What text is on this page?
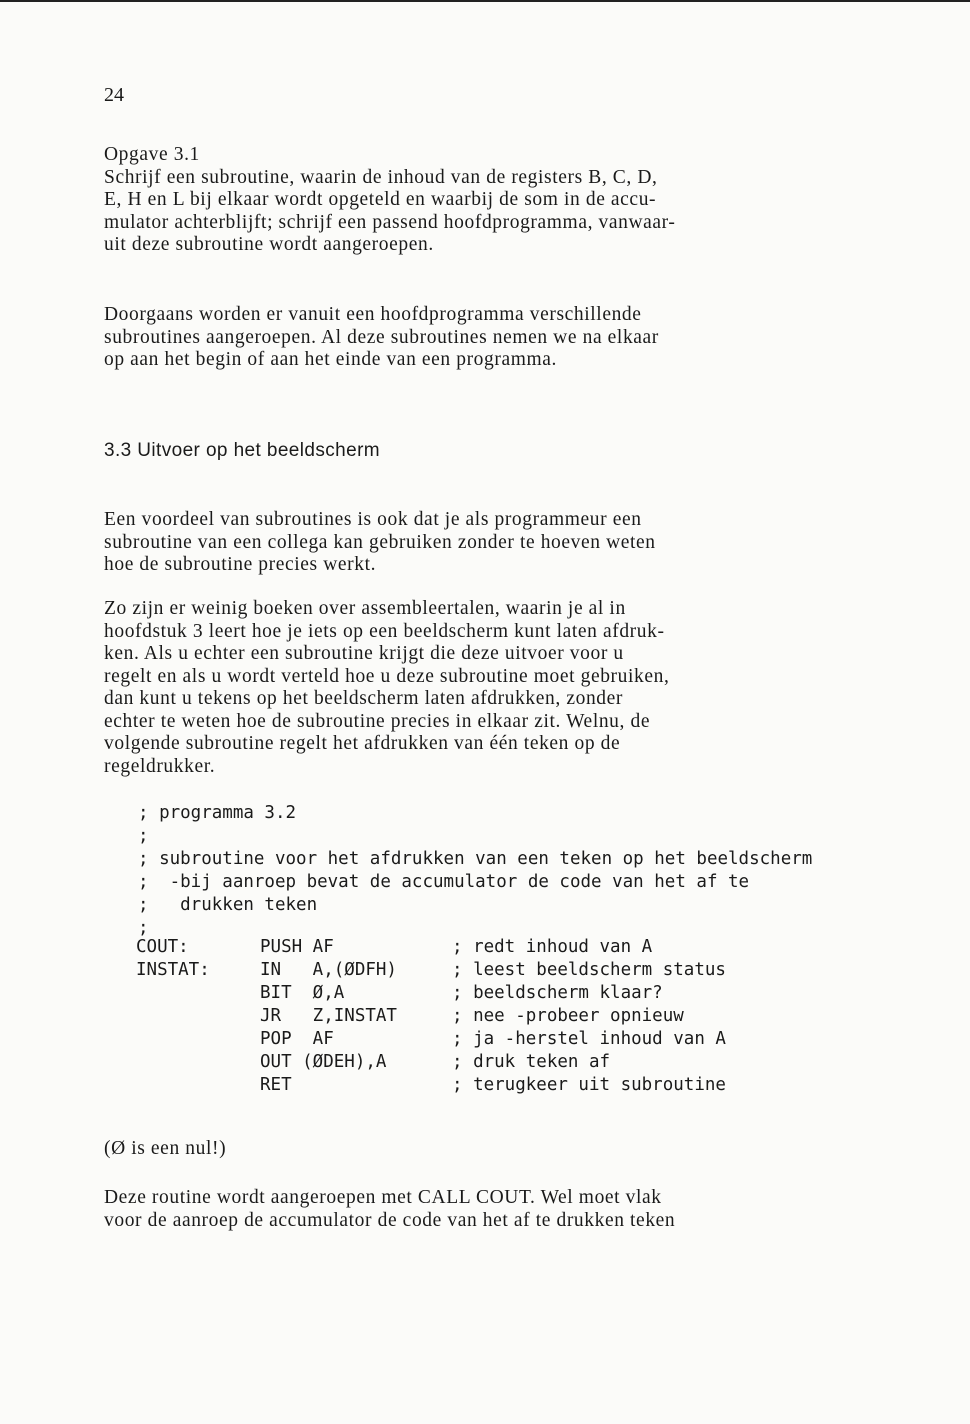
24

Opgave 3.1

Schrijf een subroutine, waarin de inhoud van de registers B, C, D,

E, H en L bij elkaar wordt opgeteld en waarbij de som in de accu-

mulator achterblijft; schrijf een passend hoofdprogramma, vanwaar-

uit deze subroutine wordt aangeroepen.

Doorgaans worden er vanuit een hoofdprogramma verschillende

subroutines aangeroepen. Al deze subroutines nemen we na elkaar

op aan het begin of aan het einde van een programma.

3.3 Uitvoer op het beeldscherm

Een voordeel van subroutines is ook dat je als programmeur een

subroutine van een collega kan gebruiken zonder te hoeven weten

hoe de subroutine precies werkt.

Zo zijn er weinig boeken over assembleertalen, waarin je al in

hoofdstuk 3 leert hoe je iets op een beeldscherm kunt laten afdruk-

ken. Als u echter een subroutine krijgt die deze uitvoer voor u

regelt en als u wordt verteld hoe u deze subroutine moet gebruiken,

dan kunt u tekens op het beeldscherm laten afdrukken, zonder

echter te weten hoe de subroutine precies in elkaar zit. Welnu, de

volgende subroutine regelt het afdrukken van één teken op de

regeldrukker.

; programma 3.2

;

; subroutine voor het afdrukken van een teken op het beeldscherm

;  -bij aanroep bevat de accumulator de code van het af te

;   drukken teken

;

COUT:

INSTAT:

PUSH AF

IN   A,(ØDFH)

BIT  Ø,A

JR   Z,INSTAT

POP  AF

OUT (ØDEH),A

RET

; redt inhoud van A

; leest beeldscherm status

; beeldscherm klaar?

; nee -probeer opnieuw

; ja -herstel inhoud van A

; druk teken af

; terugkeer uit subroutine

(Ø is een nul!)

Deze routine wordt aangeroepen met CALL COUT. Wel moet vlak

voor de aanroep de accumulator de code van het af te drukken teken
